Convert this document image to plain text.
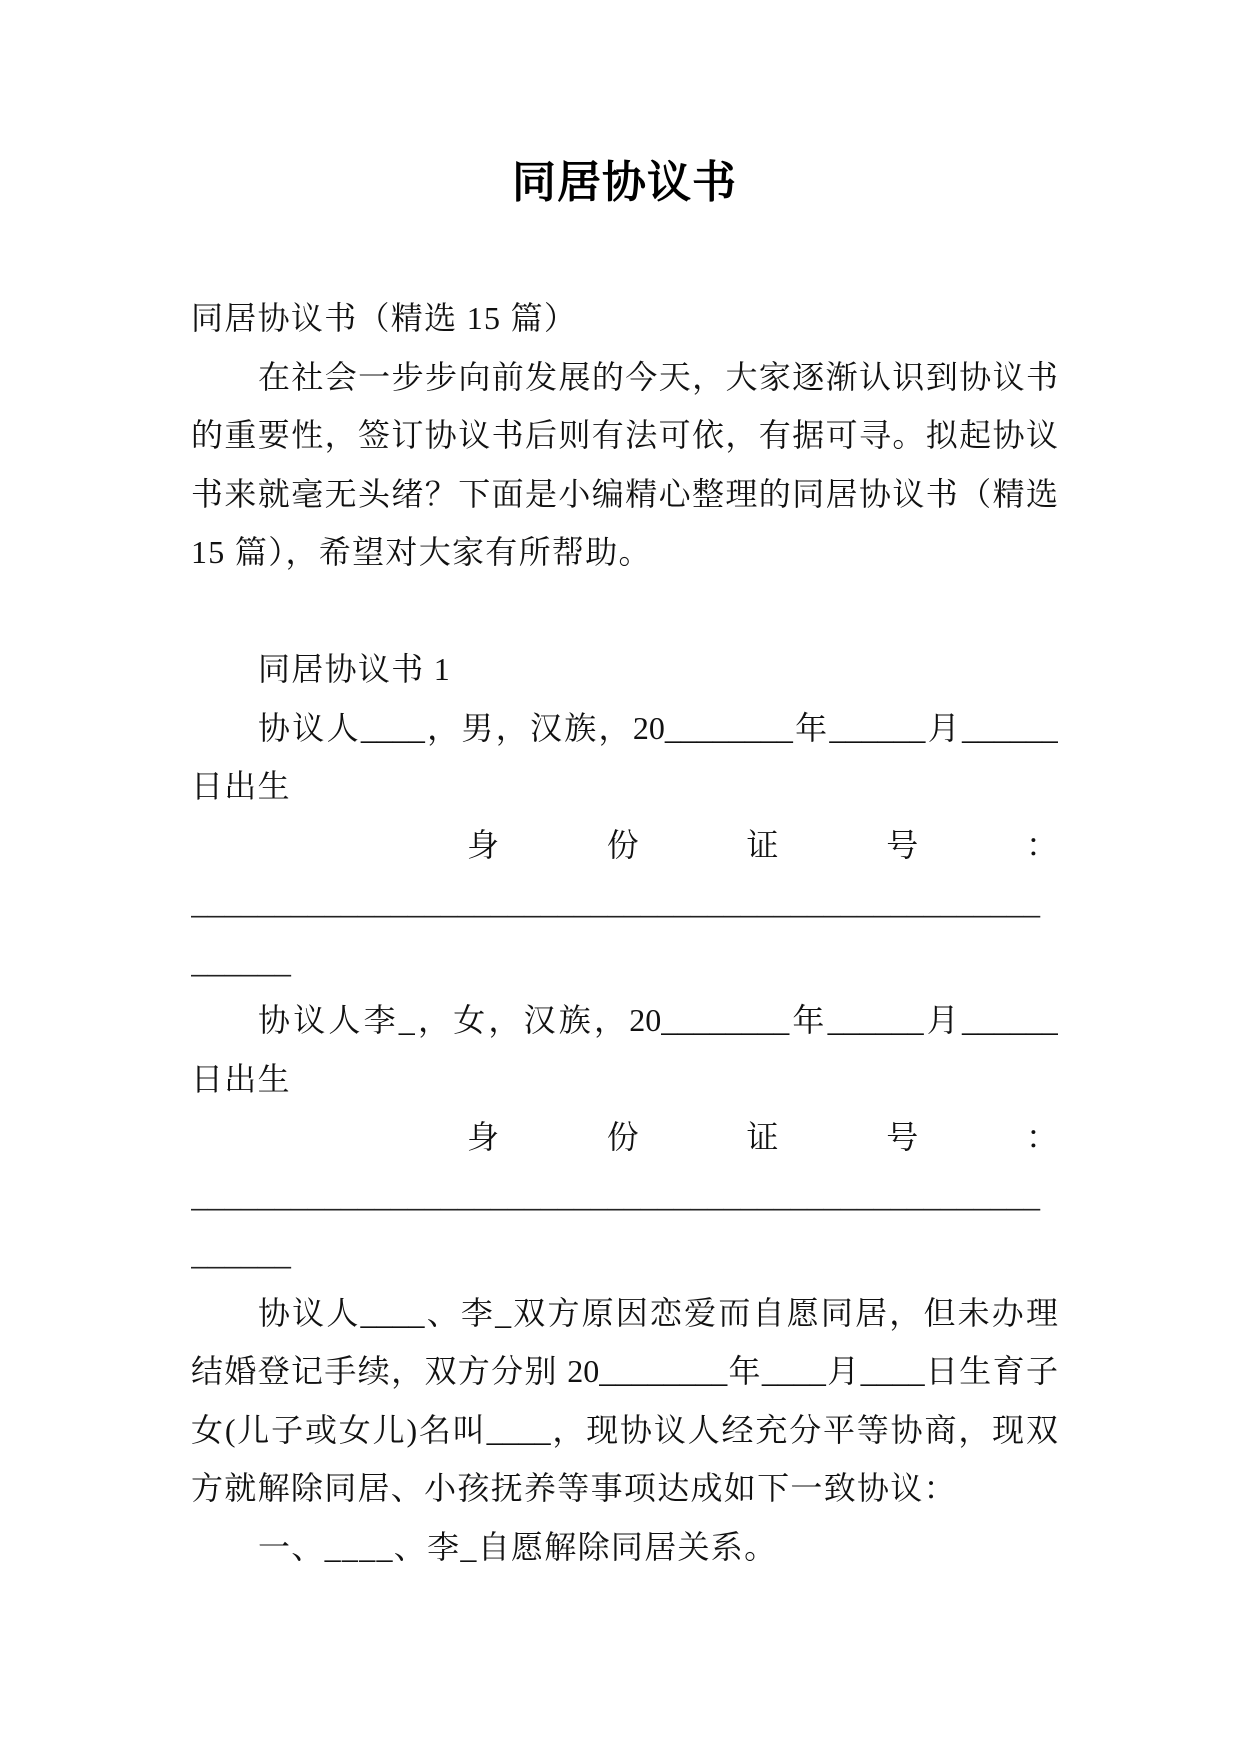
同居协议书
同居协议书（精选 15 篇）
在社会一步步向前发展的今天，大家逐渐认识到协议书
的重要性，签订协议书后则有法可依，有据可寻。拟起协议
书来就毫无头绪？下面是小编精心整理的同居协议书（精选
15 篇），希望对大家有所帮助。
同居协议书 1
协议人____，男，汉族，20________年______月______
日出生
身份证号：
___________________________________________________
______
协议人李_，女，汉族，20________年______月______
日出生
身份证号：
___________________________________________________
______
协议人____、李_双方原因恋爱而自愿同居，但未办理
结婚登记手续，双方分别 20________年____月____日生育子
女(儿子或女儿)名叫____，现协议人经充分平等协商，现双
方就解除同居、小孩抚养等事项达成如下一致协议：
一、____、李_自愿解除同居关系。
